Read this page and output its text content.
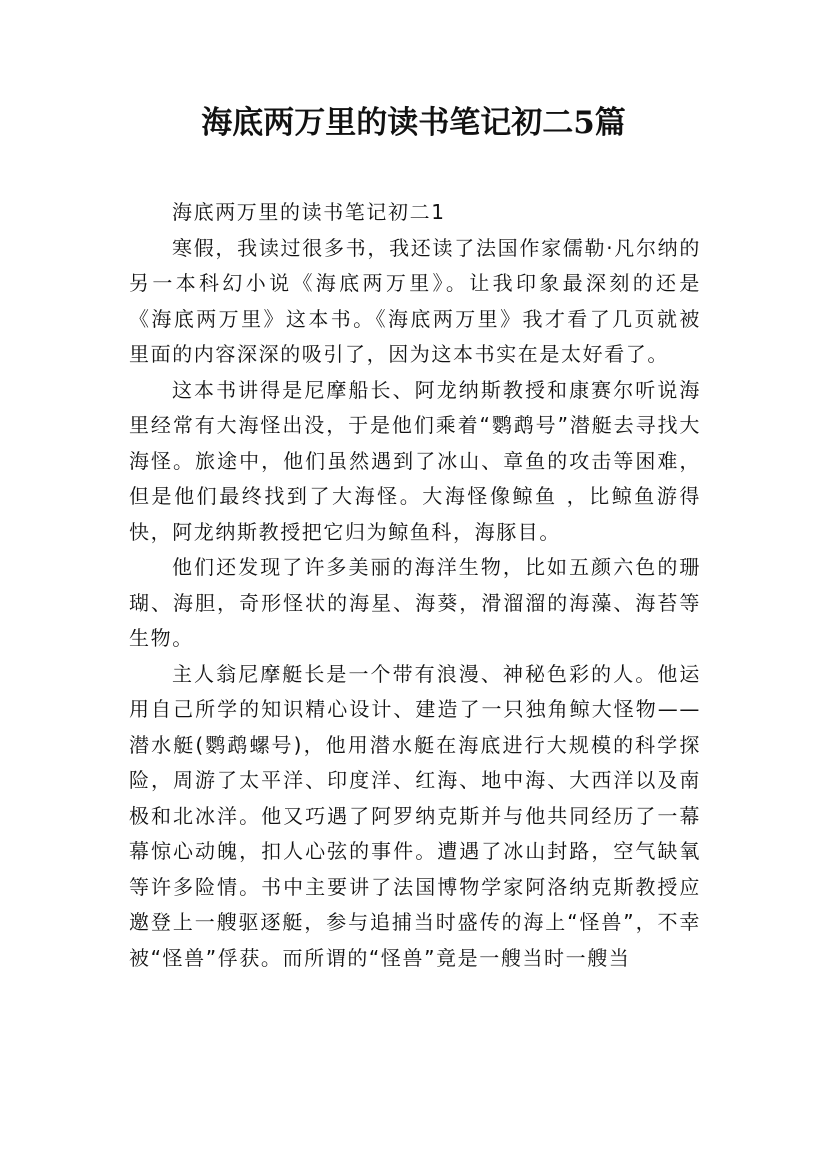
海底两万里的读书笔记初二5篇

海底两万里的读书笔记初二1

寒假，我读过很多书，我还读了法国作家儒勒·凡尔纳的另一本科幻小说《海底两万里》。让我印象最深刻的还是《海底两万里》这本书。《海底两万里》我才看了几页就被里面的内容深深的吸引了，因为这本书实在是太好看了。

这本书讲得是尼摩船长、阿龙纳斯教授和康赛尔听说海里经常有大海怪出没，于是他们乘着“鹦鹉号”潜艇去寻找大海怪。旅途中，他们虽然遇到了冰山、章鱼的攻击等困难，但是他们最终找到了大海怪。大海怪像鲸鱼 ，比鲸鱼游得快，阿龙纳斯教授把它归为鲸鱼科，海豚目。

他们还发现了许多美丽的海洋生物，比如五颜六色的珊瑚、海胆，奇形怪状的海星、海葵，滑溜溜的海藻、海苔等生物。

主人翁尼摩艇长是一个带有浪漫、神秘色彩的人。他运用自己所学的知识精心设计、建造了一只独角鲸大怪物——潜水艇(鹦鹉螺号)，他用潜水艇在海底进行大规模的科学探险，周游了太平洋、印度洋、红海、地中海、大西洋以及南极和北冰洋。他又巧遇了阿罗纳克斯并与他共同经历了一幕幕惊心动魄，扣人心弦的事件。遭遇了冰山封路，空气缺氧等许多险情。书中主要讲了法国博物学家阿洛纳克斯教授应邀登上一艘驱逐艇，参与追捕当时盛传的海上“怪兽”，不幸被“怪兽”俘获。而所谓的“怪兽”竟是一艘当时一艘当
